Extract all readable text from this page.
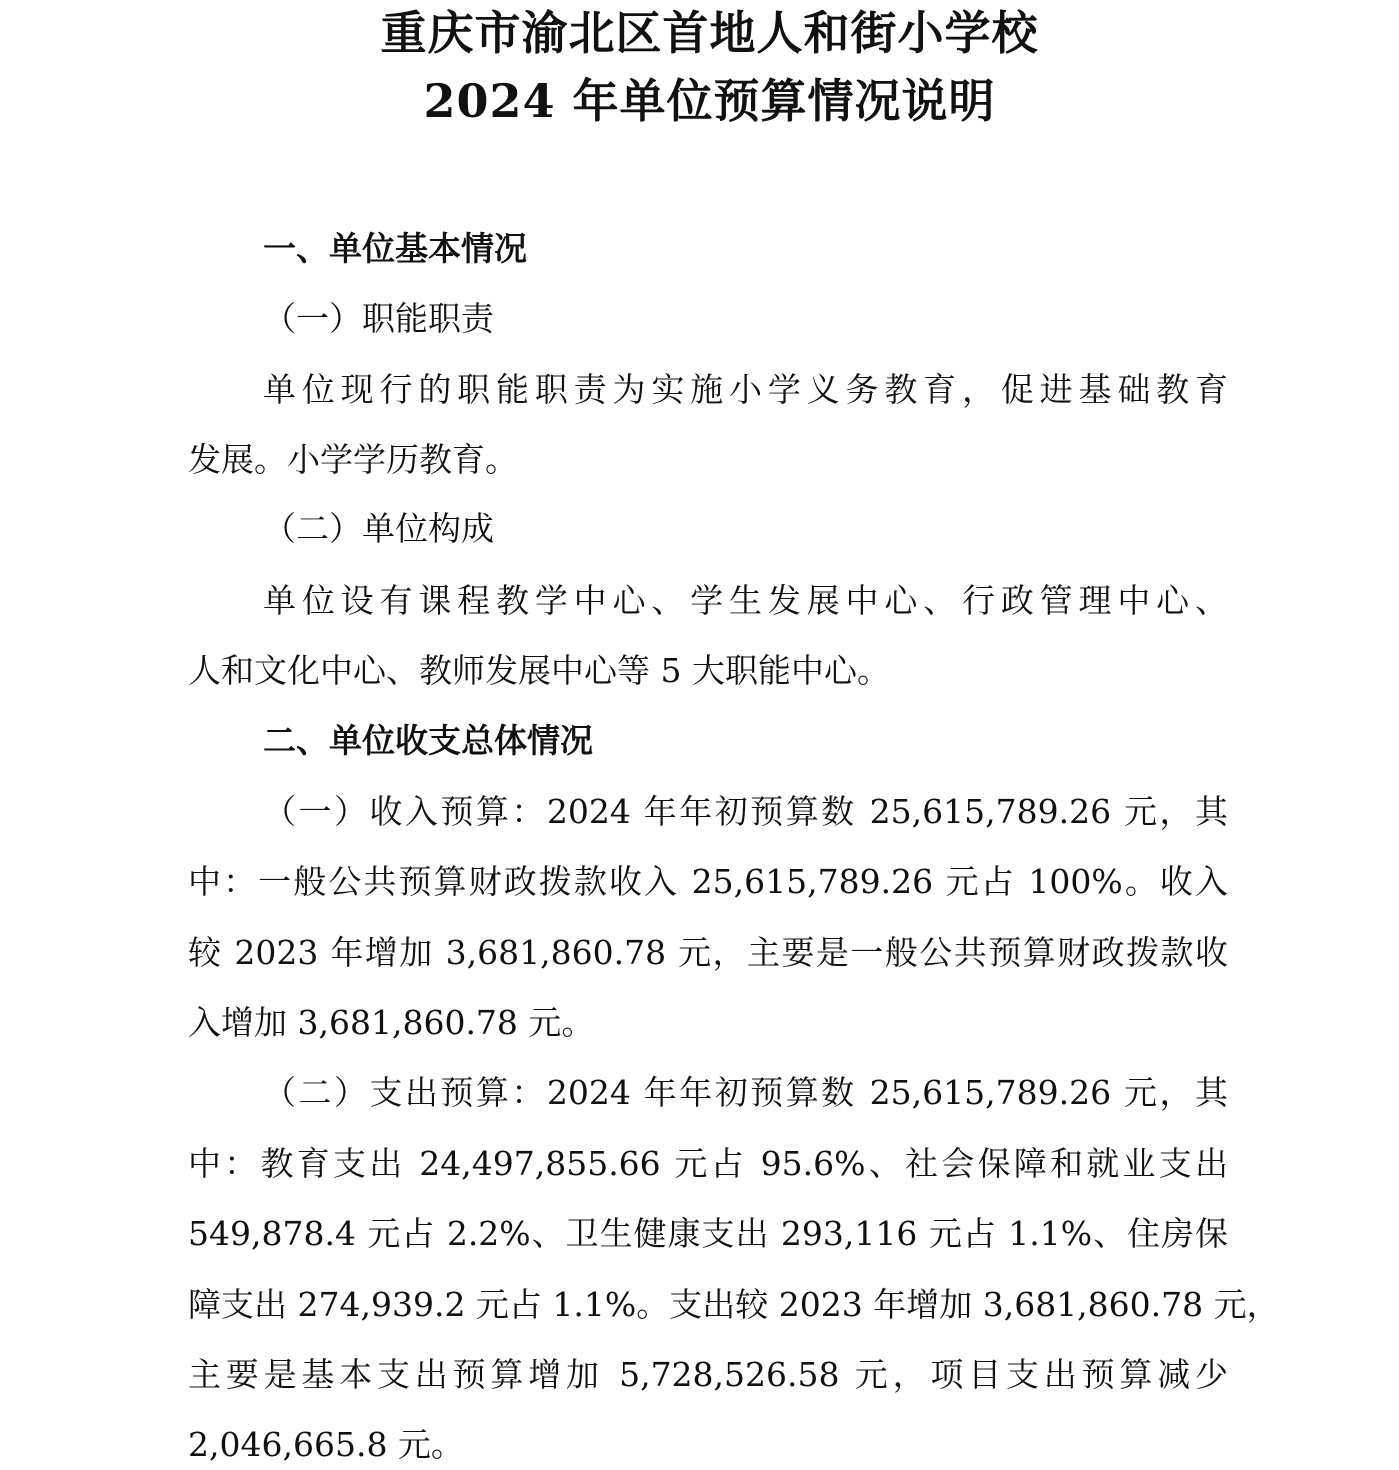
重庆市渝北区首地人和街小学校
2024 年单位预算情况说明
一、单位基本情况
（一）职能职责
单位现行的职能职责为实施小学义务教育，促进基础教育
发展。小学学历教育。
（二）单位构成
单位设有课程教学中心、学生发展中心、行政管理中心、
人和文化中心、教师发展中心等 5 大职能中心。
二、单位收支总体情况
（一）收入预算：2024 年年初预算数 25,615,789.26 元，其
中：一般公共预算财政拨款收入 25,615,789.26 元占 100%。收入
较 2023 年增加 3,681,860.78 元，主要是一般公共预算财政拨款收
入增加 3,681,860.78 元。
（二）支出预算：2024 年年初预算数 25,615,789.26 元，其
中：教育支出 24,497,855.66 元占 95.6%、社会保障和就业支出
549,878.4 元占 2.2%、卫生健康支出 293,116 元占 1.1%、住房保
障支出 274,939.2 元占 1.1%。支出较 2023 年增加 3,681,860.78 元，
主要是基本支出预算增加 5,728,526.58 元，项目支出预算减少
2,046,665.8 元。
